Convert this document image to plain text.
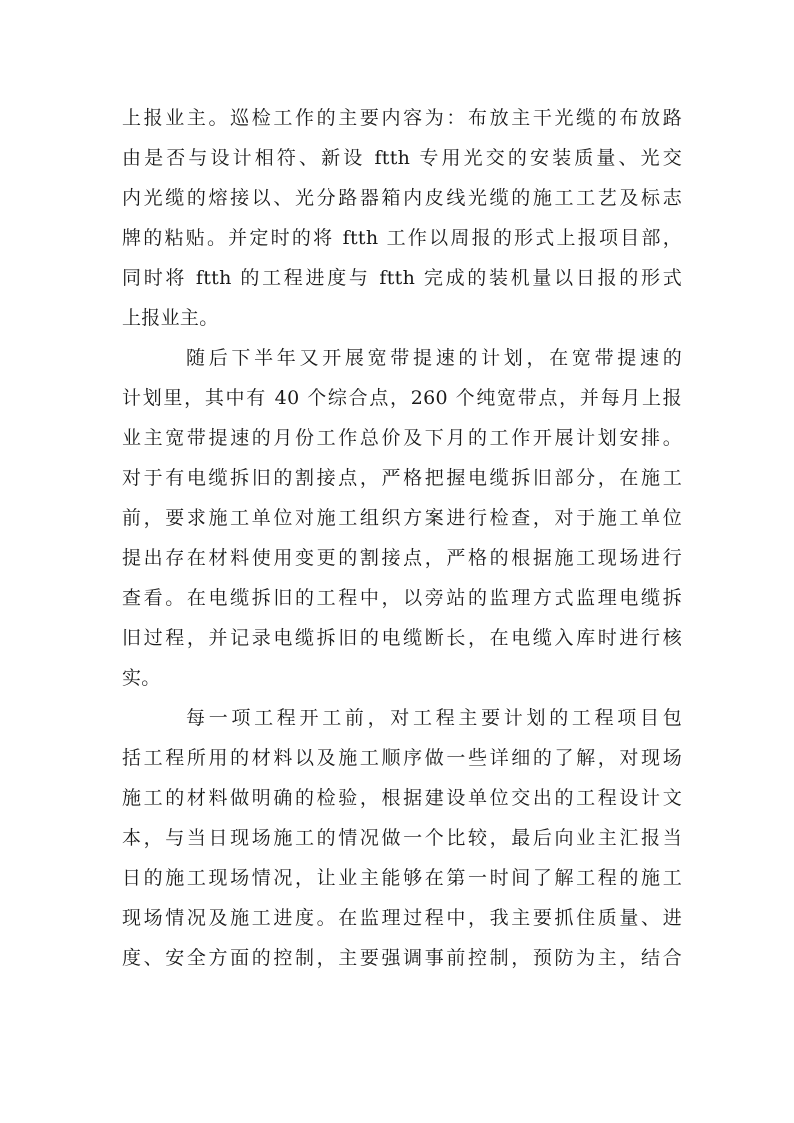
上报业主。巡检工作的主要内容为：布放主干光缆的布放路
由是否与设计相符、新设 ftth 专用光交的安装质量、光交
内光缆的熔接以、光分路器箱内皮线光缆的施工工艺及标志
牌的粘贴。并定时的将 ftth 工作以周报的形式上报项目部，
同时将 ftth 的工程进度与 ftth 完成的装机量以日报的形式
上报业主。
随后下半年又开展宽带提速的计划，在宽带提速的
计划里，其中有 40 个综合点，260 个纯宽带点，并每月上报
业主宽带提速的月份工作总价及下月的工作开展计划安排。
对于有电缆拆旧的割接点，严格把握电缆拆旧部分，在施工
前，要求施工单位对施工组织方案进行检查，对于施工单位
提出存在材料使用变更的割接点，严格的根据施工现场进行
查看。在电缆拆旧的工程中，以旁站的监理方式监理电缆拆
旧过程，并记录电缆拆旧的电缆断长，在电缆入库时进行核
实。
每一项工程开工前，对工程主要计划的工程项目包
括工程所用的材料以及施工顺序做一些详细的了解，对现场
施工的材料做明确的检验，根据建设单位交出的工程设计文
本，与当日现场施工的情况做一个比较，最后向业主汇报当
日的施工现场情况，让业主能够在第一时间了解工程的施工
现场情况及施工进度。在监理过程中，我主要抓住质量、进
度、安全方面的控制，主要强调事前控制，预防为主，结合
